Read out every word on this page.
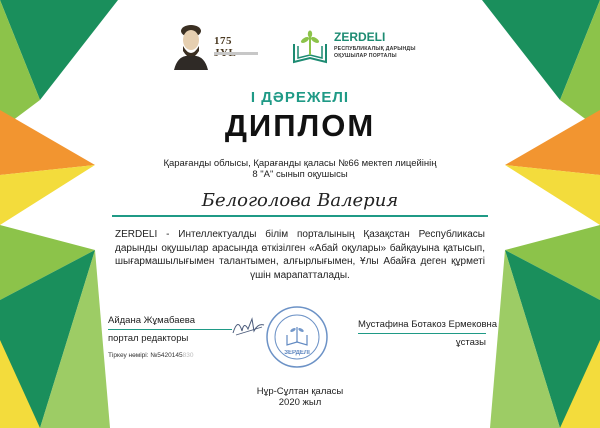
175	ZERDELI
РЕСПУБЛИКАЛЫҚ ДАРЫНДЫ
ОҚУШЫЛАР ПОРТАЛЫ
I ДӘРЕЖЕЛІ
ДИПЛОМ
Қарағанды облысы, Қарағанды қаласы №66 мектеп лицейінің
8 "А" сынып оқушысы
Белоголова Валерия
ZERDELI - Интеллектуалды білім порталының Қазақстан Республикасы дарынды оқушылар арасында өткізілген «Абай оқулары» байқауына қатысып, шығармашылығымен талантымен, алғырлығымен, Ұлы Абайға деген құрметі үшін марапатталады.
Айдана Жұмабаева
портал редакторы
Тіркеу нөмірі: №5420145830	ЗЕРДЕЛІ
Мустафина Ботакоз Ермековна
ұстазы
Нұр-Сұлтан қаласы
2020 жыл
